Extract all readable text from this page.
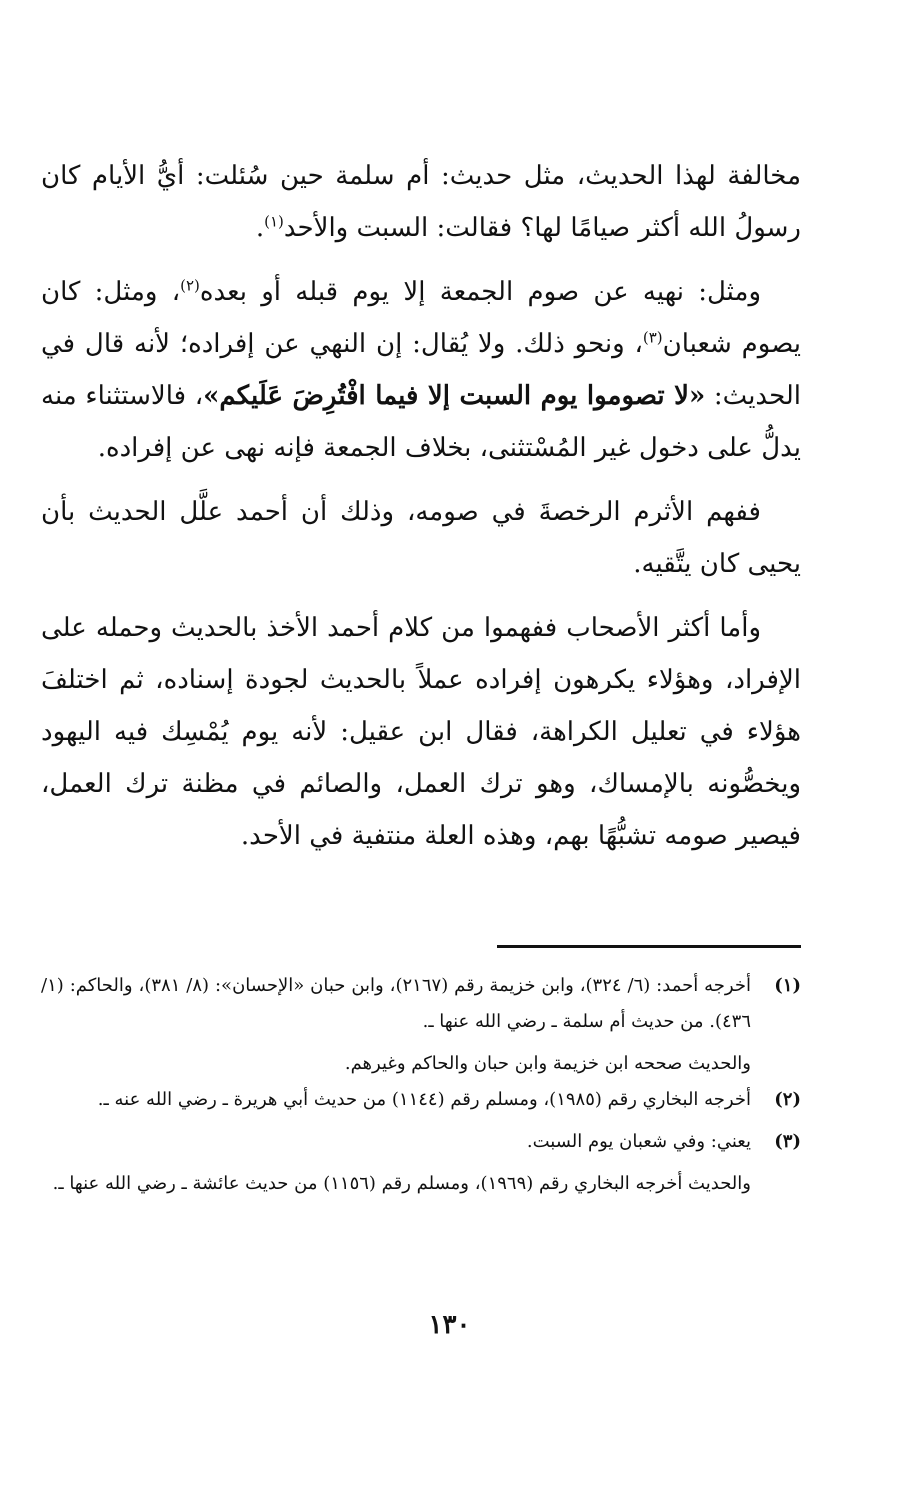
مخالفة لهذا الحديث، مثل حديث: أم سلمة حين سُئلت: أيُّ الأيام كان رسولُ الله أكثر صيامًا لها؟ فقالت: السبت والأحد$^{(١)}$.

ومثل: نهيه عن صوم الجمعة إلا يوم قبله أو بعده$^{(٢)}$، ومثل: كان يصوم شعبان$^{(٣)}$، ونحو ذلك. ولا يُقال: إن النهي عن إفراده؛ لأنه قال في الحديث: «لا تصوموا يوم السبت إلا فيما افْتُرِضَ عَلَيكم»، فالاستثناء منه يدلُّ على دخول غير المُسْتثنى، بخلاف الجمعة فإنه نهى عن إفراده.

ففهم الأثرم الرخصةَ في صومه، وذلك أن أحمد علَّل الحديث بأن يحيى كان يتَّقيه.

وأما أكثر الأصحاب ففهموا من كلام أحمد الأخذ بالحديث وحمله على الإفراد، وهؤلاء يكرهون إفراده عملاً بالحديث لجودة إسناده، ثم اختلفَ هؤلاء في تعليل الكراهة، فقال ابن عقيل: لأنه يوم يُمْسِك فيه اليهود ويخصُّونه بالإمساك، وهو ترك العمل، والصائم في مظنة ترك العمل، فيصير صومه تشبُّهًا بهم، وهذه العلة منتفية في الأحد.

(١)

أخرجه أحمد: (٦/ ٣٢٤)، وابن خزيمة رقم (٢١٦٧)، وابن حبان «الإحسان»: (٨/ ٣٨١)، والحاكم: (١/ ٤٣٦). من حديث أم سلمة ـ رضي الله عنها ـ.

والحديث صححه ابن خزيمة وابن حبان والحاكم وغيرهم.

(٢)

أخرجه البخاري رقم (١٩٨٥)، ومسلم رقم (١١٤٤) من حديث أبي هريرة ـ رضي الله عنه ـ.

(٣)

يعني: وفي شعبان يوم السبت.

والحديث أخرجه البخاري رقم (١٩٦٩)، ومسلم رقم (١١٥٦) من حديث عائشة ـ رضي الله عنها ـ.

١٣٠
